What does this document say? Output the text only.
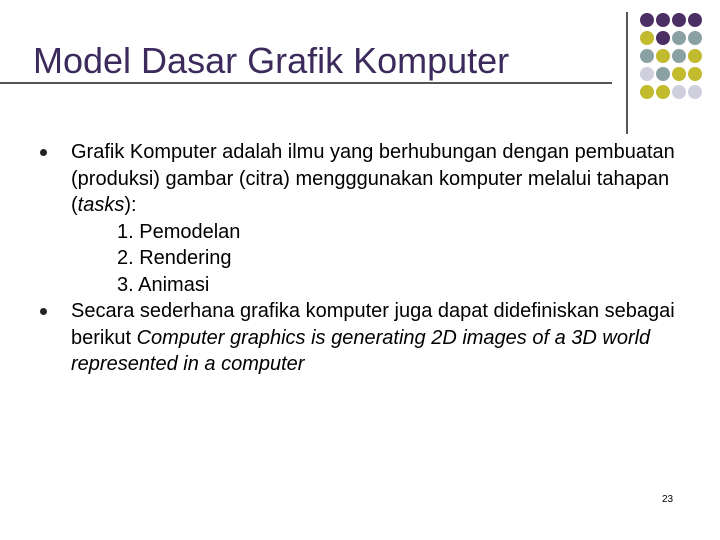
Model Dasar Grafik Komputer
Grafik Komputer adalah ilmu yang berhubungan dengan pembuatan (produksi) gambar (citra) mengggunakan komputer melalui tahapan (tasks):
1. Pemodelan
2. Rendering
3. Animasi
Secara sederhana grafika komputer juga dapat didefiniskan sebagai berikut Computer graphics is generating 2D images of a 3D world represented in a computer
23
